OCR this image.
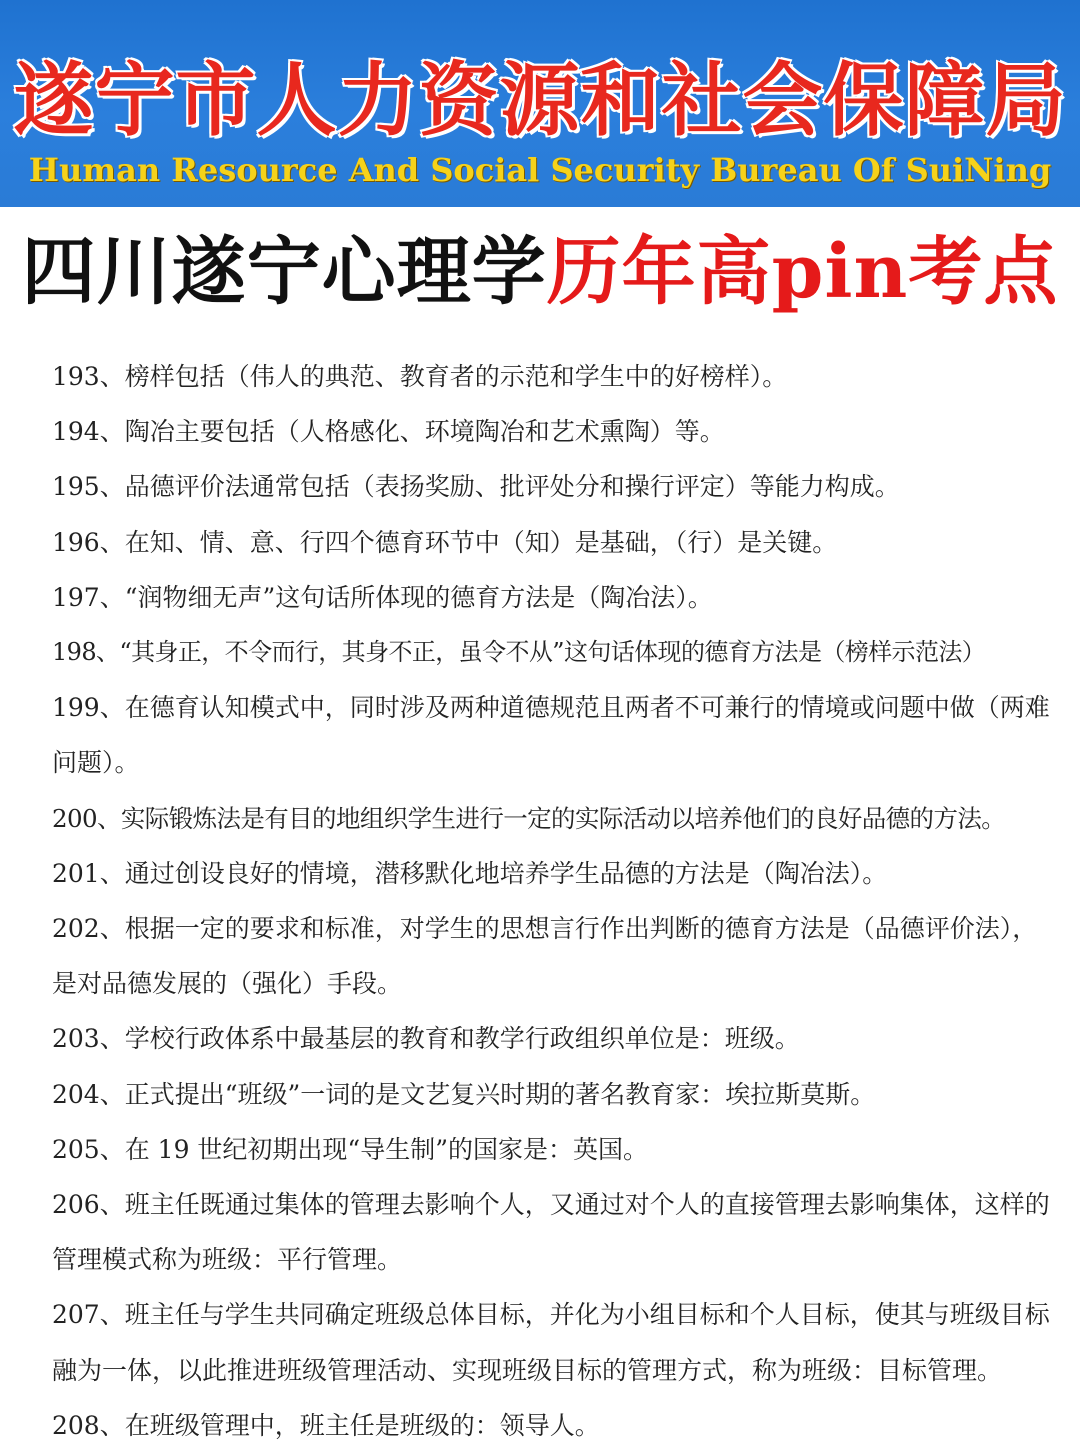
遂宁市人力资源和社会保障局
Human Resource And Social Security Bureau Of SuiNing
四川遂宁心理学历年高pin考点

193、榜样包括（伟人的典范、教育者的示范和学生中的好榜样）。

194、陶冶主要包括（人格感化、环境陶冶和艺术熏陶）等。

195、品德评价法通常包括（表扬奖励、批评处分和操行评定）等能力构成。

196、在知、情、意、行四个德育环节中（知）是基础，（行）是关键。

197、“润物细无声”这句话所体现的德育方法是（陶冶法）。

198、“其身正，不令而行，其身不正，虽令不从”这句话体现的德育方法是（榜样示范法）

199、在德育认知模式中，同时涉及两种道德规范且两者不可兼行的情境或问题中做（两难问题）。

200、实际锻炼法是有目的地组织学生进行一定的实际活动以培养他们的良好品德的方法。

201、通过创设良好的情境，潜移默化地培养学生品德的方法是（陶冶法）。

202、根据一定的要求和标准，对学生的思想言行作出判断的德育方法是（品德评价法），是对品德发展的（强化）手段。

203、学校行政体系中最基层的教育和教学行政组织单位是：班级。

204、正式提出“班级”一词的是文艺复兴时期的著名教育家：埃拉斯莫斯。

205、在 19 世纪初期出现“导生制”的国家是：英国。

206、班主任既通过集体的管理去影响个人，又通过对个人的直接管理去影响集体，这样的管理模式称为班级：平行管理。

207、班主任与学生共同确定班级总体目标，并化为小组目标和个人目标，使其与班级目标融为一体，以此推进班级管理活动、实现班级目标的管理方式，称为班级：目标管理。

208、在班级管理中，班主任是班级的：领导人。
